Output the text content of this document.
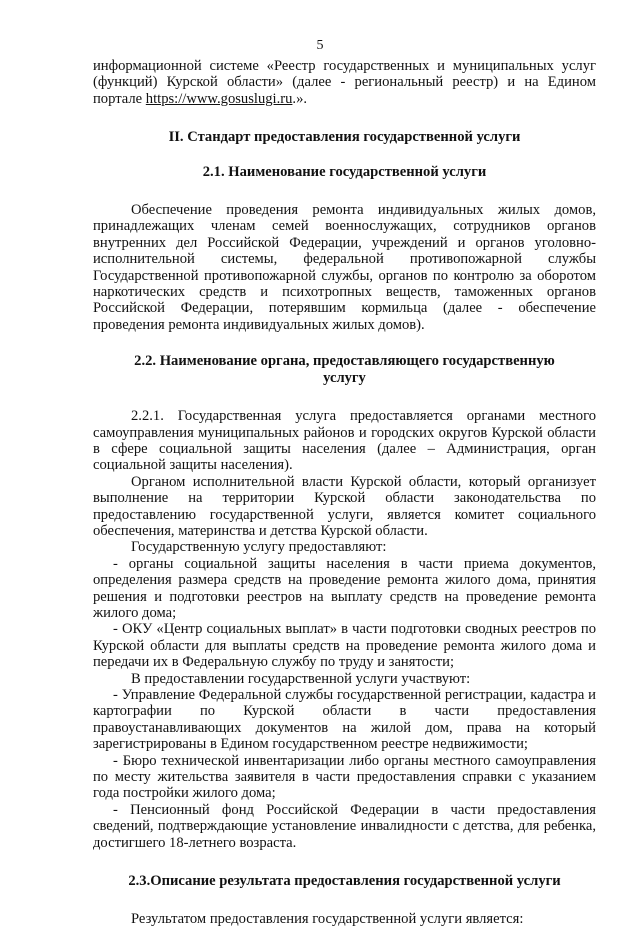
5

информационной системе «Реестр государственных и муниципальных услуг (функций) Курской области» (далее - региональный реестр) и на Едином портале https://www.gosuslugi.ru.».

II. Стандарт предоставления государственной услуги
2.1. Наименование государственной услуги

Обеспечение проведения ремонта индивидуальных жилых домов, принадлежащих членам семей военнослужащих, сотрудников органов внутренних дел Российской Федерации, учреждений и органов уголовно-исполнительной системы, федеральной противопожарной службы Государственной противопожарной службы, органов по контролю за оборотом наркотических средств и психотропных веществ, таможенных органов Российской Федерации, потерявшим кормильца (далее - обеспечение проведения ремонта индивидуальных жилых домов).

2.2. Наименование органа, предоставляющего государственную
услугу

2.2.1. Государственная услуга предоставляется органами местного самоуправления муниципальных районов и городских округов Курской области в сфере социальной защиты населения (далее – Администрация, орган социальной защиты населения).

Органом исполнительной власти Курской области, который организует выполнение на территории Курской области законодательства по предоставлению государственной услуги, является комитет социального обеспечения, материнства и детства Курской области.

Государственную услугу предоставляют:

- органы социальной защиты населения в части приема документов, определения размера средств на проведение ремонта жилого дома, принятия решения и подготовки реестров на выплату средств на проведение ремонта жилого дома;

- ОКУ «Центр социальных выплат» в части подготовки сводных реестров по Курской области для выплаты средств на проведение ремонта жилого дома и передачи их в Федеральную службу по труду и занятости;

В предоставлении государственной услуги участвуют:

- Управление Федеральной службы государственной регистрации, кадастра и картографии по Курской области в части предоставления правоустанавливающих документов на жилой дом, права на который зарегистрированы в Едином государственном реестре недвижимости;

- Бюро технической инвентаризации либо органы местного самоуправления по месту жительства заявителя в части предоставления справки с указанием года постройки жилого дома;

- Пенсионный фонд Российской Федерации в части предоставления сведений, подтверждающие установление инвалидности с детства, для ребенка, достигшего 18-летнего возраста.

2.3.Описание результата предоставления государственной услуги

Результатом предоставления государственной услуги является:
